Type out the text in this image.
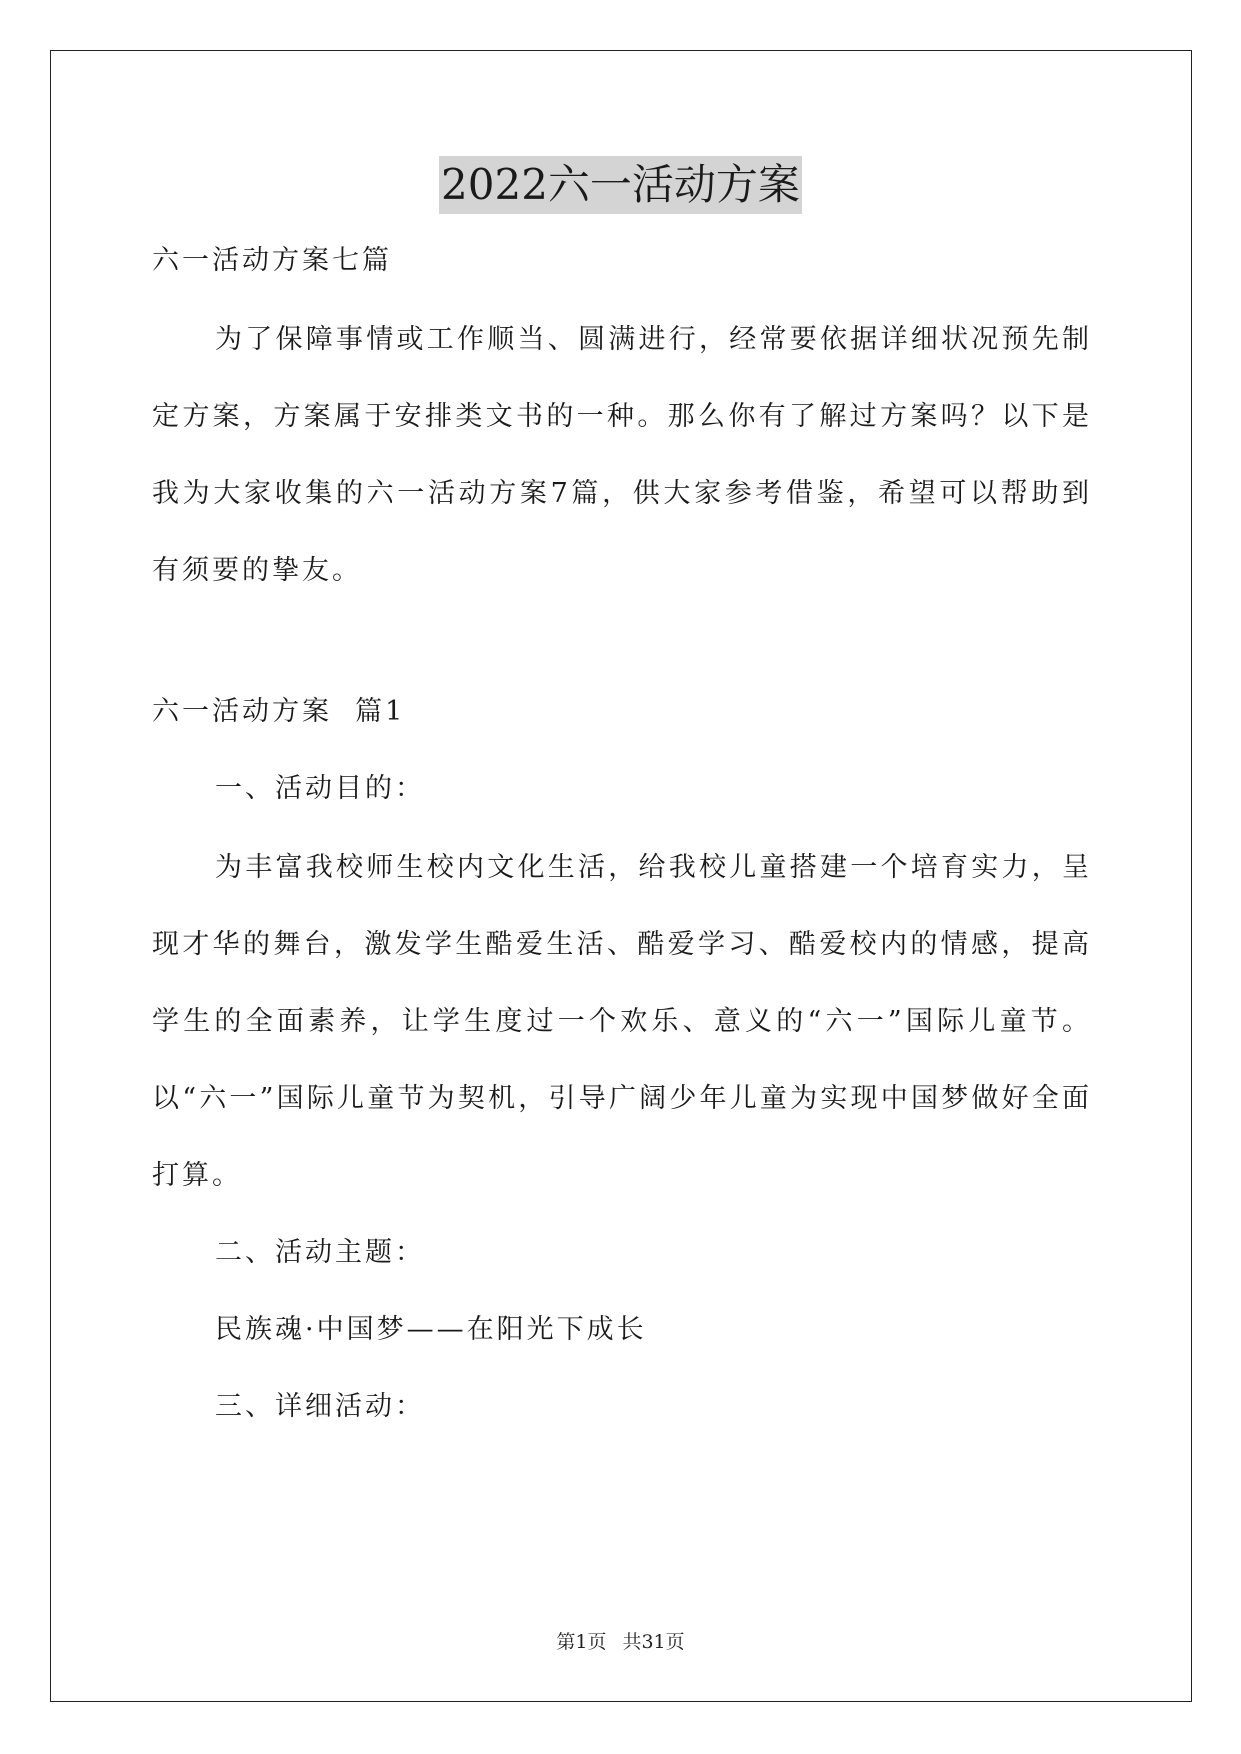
2022六一活动方案
六一活动方案七篇
为了保障事情或工作顺当、圆满进行，经常要依据详细状况预先制定方案，方案属于安排类文书的一种。那么你有了解过方案吗？以下是我为大家收集的六一活动方案7篇，供大家参考借鉴，希望可以帮助到有须要的挚友。
六一活动方案  篇1
一、活动目的：
为丰富我校师生校内文化生活，给我校儿童搭建一个培育实力，呈现才华的舞台，激发学生酷爱生活、酷爱学习、酷爱校内的情感，提高学生的全面素养，让学生度过一个欢乐、意义的“六一”国际儿童节。以“六一”国际儿童节为契机，引导广阔少年儿童为实现中国梦做好全面打算。
二、活动主题：
民族魂·中国梦——在阳光下成长
三、详细活动：
第1页 共31页
